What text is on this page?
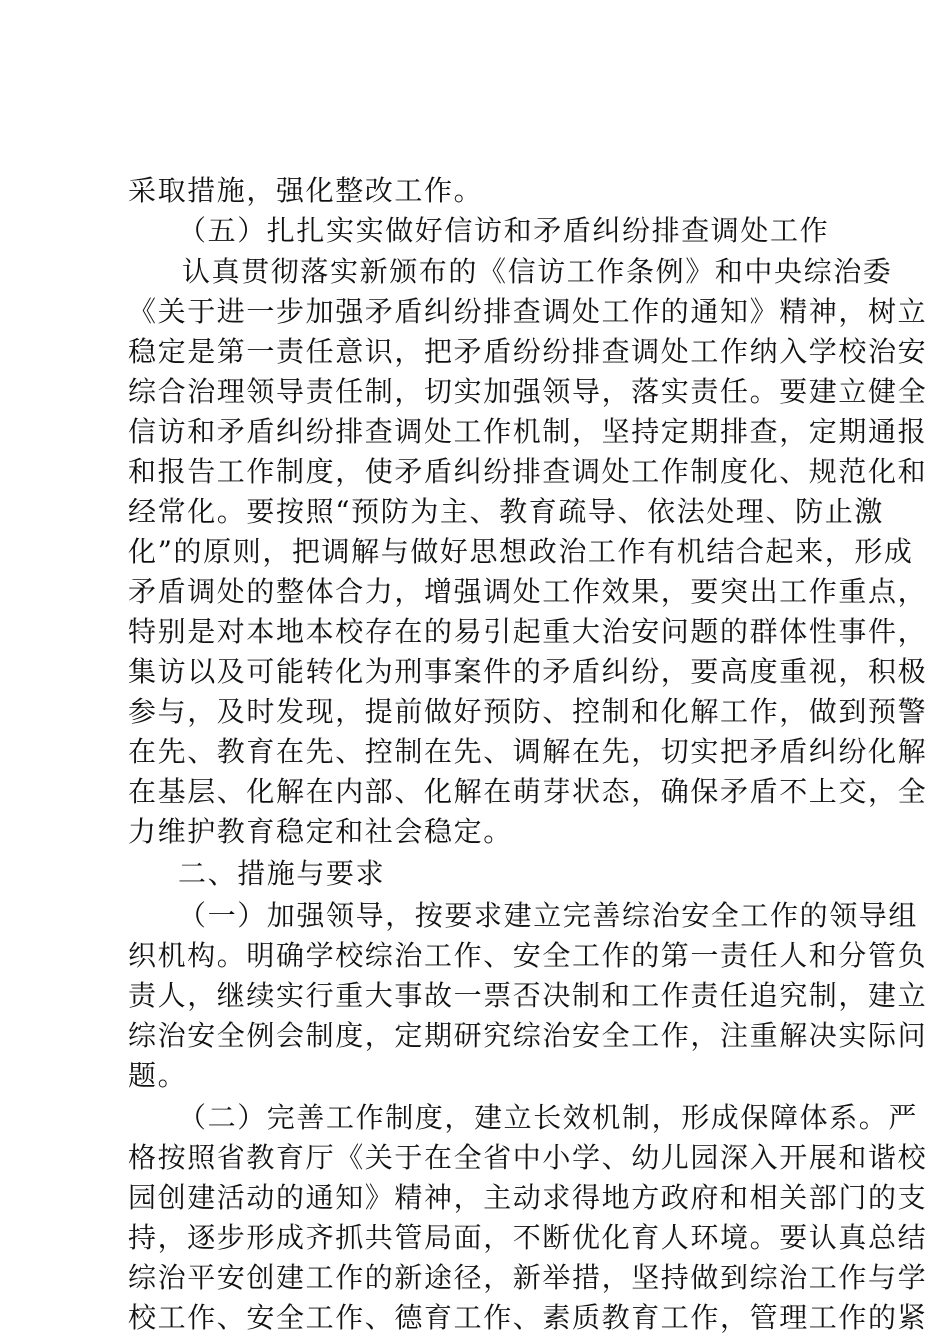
采取措施，强化整改工作。
（五）扎扎实实做好信访和矛盾纠纷排查调处工作
认真贯彻落实新颁布的《信访工作条例》和中央综治委
《关于进一步加强矛盾纠纷排查调处工作的通知》精神，树立
稳定是第一责任意识，把矛盾纷纷排查调处工作纳入学校治安
综合治理领导责任制，切实加强领导，落实责任。要建立健全
信访和矛盾纠纷排查调处工作机制，坚持定期排查，定期通报
和报告工作制度，使矛盾纠纷排查调处工作制度化、规范化和
经常化。要按照“预防为主、教育疏导、依法处理、防止激
化”的原则，把调解与做好思想政治工作有机结合起来，形成
矛盾调处的整体合力，增强调处工作效果，要突出工作重点，
特别是对本地本校存在的易引起重大治安问题的群体性事件，
集访以及可能转化为刑事案件的矛盾纠纷，要高度重视，积极
参与，及时发现，提前做好预防、控制和化解工作，做到预警
在先、教育在先、控制在先、调解在先，切实把矛盾纠纷化解
在基层、化解在内部、化解在萌芽状态，确保矛盾不上交，全
力维护教育稳定和社会稳定。
二、措施与要求
（一）加强领导，按要求建立完善综治安全工作的领导组
织机构。明确学校综治工作、安全工作的第一责任人和分管负
责人，继续实行重大事故一票否决制和工作责任追究制，建立
综治安全例会制度，定期研究综治安全工作，注重解决实际问
题。
（二）完善工作制度，建立长效机制，形成保障体系。严
格按照省教育厅《关于在全省中小学、幼儿园深入开展和谐校
园创建活动的通知》精神，主动求得地方政府和相关部门的支
持，逐步形成齐抓共管局面，不断优化育人环境。要认真总结
综治平安创建工作的新途径，新举措，坚持做到综治工作与学
校工作、安全工作、德育工作、素质教育工作，管理工作的紧
